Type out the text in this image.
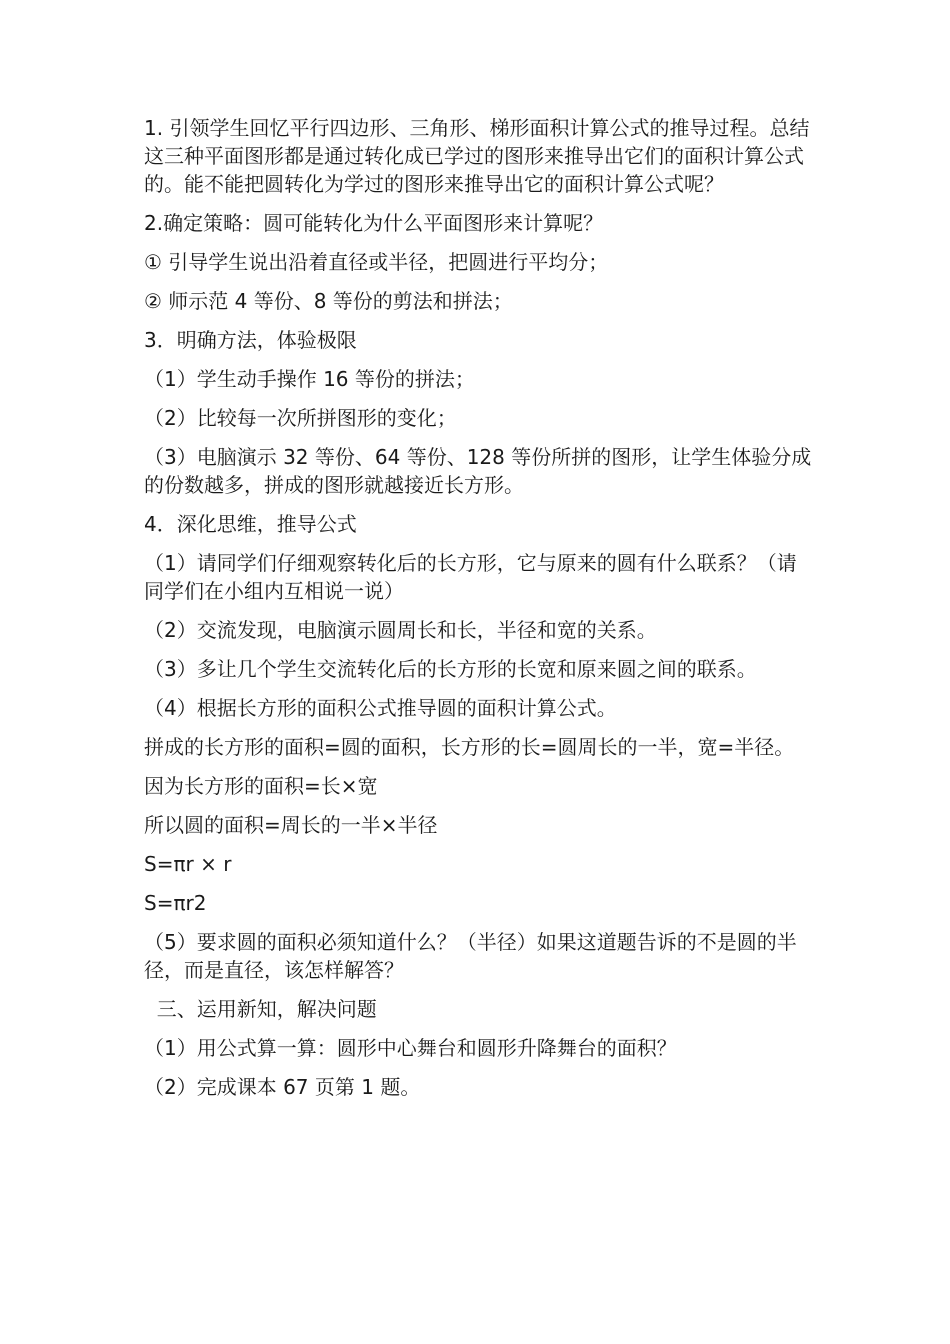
1. 引领学生回忆平行四边形、三角形、梯形面积计算公式的推导过程。总结这三种平面图形都是通过转化成已学过的图形来推导出它们的面积计算公式的。能不能把圆转化为学过的图形来推导出它的面积计算公式呢？

2.确定策略：圆可能转化为什么平面图形来计算呢？

① 引导学生说出沿着直径或半径，把圆进行平均分；

② 师示范 4 等份、8 等份的剪法和拼法；

3．明确方法，体验极限

（1）学生动手操作 16 等份的拼法；

（2）比较每一次所拼图形的变化；

（3）电脑演示 32 等份、64 等份、128 等份所拼的图形，让学生体验分成的份数越多，拼成的图形就越接近长方形。

4．深化思维，推导公式

（1）请同学们仔细观察转化后的长方形，它与原来的圆有什么联系？（请同学们在小组内互相说一说）

（2）交流发现，电脑演示圆周长和长，半径和宽的关系。

（3）多让几个学生交流转化后的长方形的长宽和原来圆之间的联系。

（4）根据长方形的面积公式推导圆的面积计算公式。

拼成的长方形的面积=圆的面积，长方形的长=圆周长的一半，宽=半径。

因为长方形的面积=长×宽

所以圆的面积=周长的一半×半径

S=πr × r

S=πr2

（5）要求圆的面积必须知道什么？（半径）如果这道题告诉的不是圆的半径，而是直径，该怎样解答？

三、运用新知，解决问题

（1）用公式算一算：圆形中心舞台和圆形升降舞台的面积？

（2）完成课本 67 页第 1 题。
